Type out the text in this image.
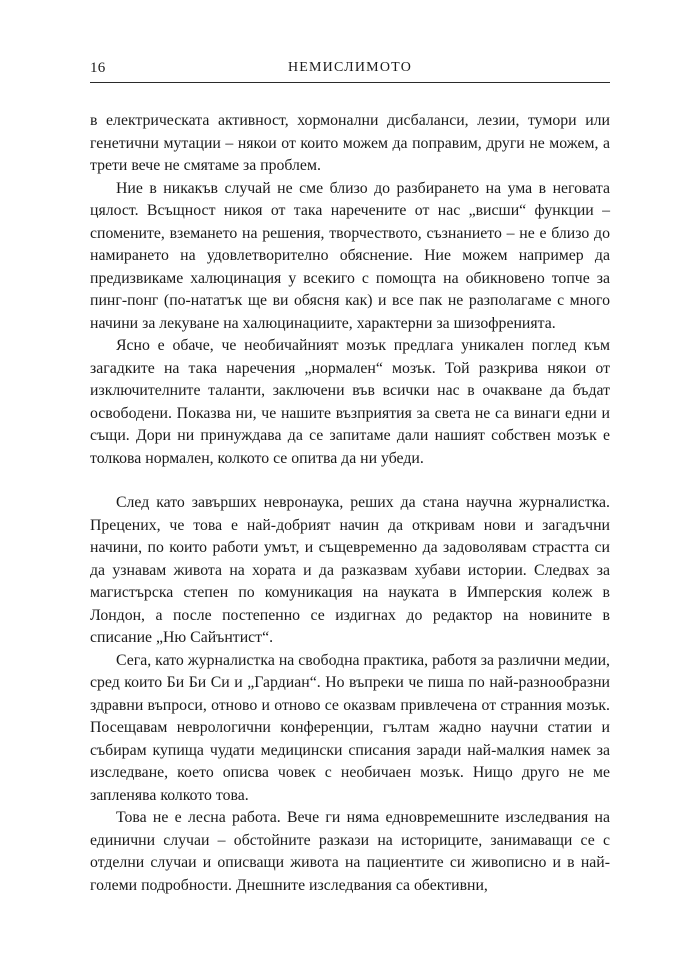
16	НЕМИСЛИМОТО

в електрическата активност, хормонални дисбаланси, лезии, тумори или генетични мутации – някои от които можем да поправим, други не можем, а трети вече не смятаме за проблем.

Ние в никакъв случай не сме близо до разбирането на ума в неговата цялост. Всъщност никоя от така наречените от нас „висши“ функции – спомените, вземането на решения, творчеството, съзнанието – не е близо до намирането на удовлетворително обяснение. Ние можем например да предизвикаме халюцинация у всекиго с помощта на обикновено топче за пинг-понг (по-нататък ще ви обясня как) и все пак не разполагаме с много начини за лекуване на халюцинациите, характерни за шизофренията.

Ясно е обаче, че необичайният мозък предлага уникален поглед към загадките на така наречения „нормален“ мозък. Той разкрива някои от изключителните таланти, заключени във всички нас в очакване да бъдат освободени. Показва ни, че нашите възприятия за света не са винаги едни и същи. Дори ни принуждава да се запитаме дали нашият собствен мозък е толкова нормален, колкото се опитва да ни убеди.

След като завърших невронаука, реших да стана научна журналистка. Прецених, че това е най-добрият начин да откривам нови и загадъчни начини, по които работи умът, и същевременно да задоволявам страстта си да узнавам живота на хората и да разказвам хубави истории. Следвах за магистърска степен по комуникация на науката в Имперския колеж в Лондон, а после постепенно се издигнах до редактор на новините в списание „Ню Сайънтист“.

Сега, като журналистка на свободна практика, работя за различни медии, сред които Би Би Си и „Гардиан“. Но въпреки че пиша по най-разнообразни здравни въпроси, отново и отново се оказвам привлечена от странния мозък. Посещавам неврологични конференции, гълтам жадно научни статии и събирам купища чудати медицински списания заради най-малкия намек за изследване, което описва човек с необичаен мозък. Нищо друго не ме запленява колкото това.

Това не е лесна работа. Вече ги няма едновремешните изследвания на единични случаи – обстойните разкази на историците, занимаващи се с отделни случаи и описващи живота на пациентите си живописно и в най-големи подробности. Днешните изследвания са обективни,
